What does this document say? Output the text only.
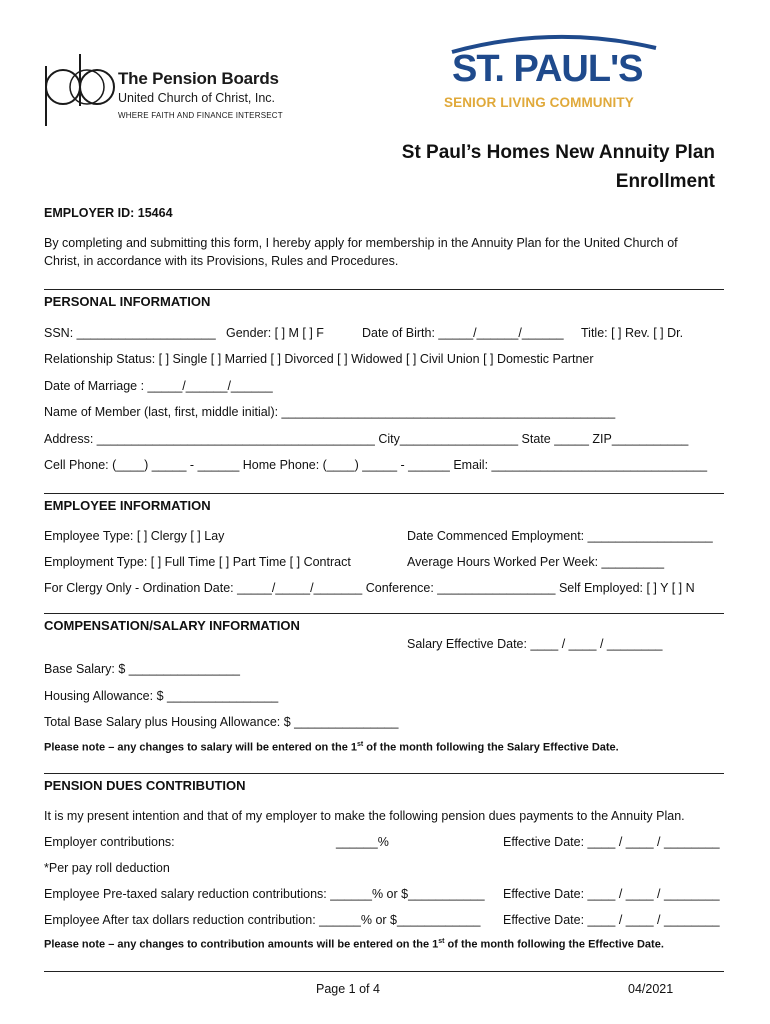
The Pension Boards
United Church of Christ, Inc.
WHERE FAITH AND FINANCE INTERSECT
ST. PAUL'S
SENIOR LIVING COMMUNITY
St Paul’s Homes New Annuity Plan
Enrollment
EMPLOYER ID: 15464
By completing and submitting this form, I hereby apply for membership in the Annuity Plan for the United Church of
Christ, in accordance with its Provisions, Rules and Procedures.
PERSONAL INFORMATION
SSN: ____________________ Gender: [ ] M [ ] F	Date of Birth: _____/______/______ Title: [ ] Rev. [ ] Dr.
Relationship Status: [ ] Single [ ] Married [ ] Divorced [ ] Widowed [ ] Civil Union [ ] Domestic Partner
Date of Marriage : _____/______/______
Name of Member (last, first, middle initial): ________________________________________________
Address: ________________________________________ City_________________ State _____ ZIP___________
Cell Phone: (____) _____ - ______ Home Phone: (____) _____ - ______ Email: _______________________________
EMPLOYEE INFORMATION
Employee Type: [ ] Clergy [ ] Lay	Date Commenced Employment: __________________
Employment Type: [ ] Full Time [ ] Part Time [ ] Contract	Average Hours Worked Per Week: _________
For Clergy Only - Ordination Date: _____/_____/_______ Conference: _________________ Self Employed: [ ] Y [ ] N
COMPENSATION/SALARY INFORMATION
Salary Effective Date: ____ / ____ / ________
Base Salary: $ ________________
Housing Allowance: $ ________________
Total Base Salary plus Housing Allowance: $ _______________
Please note – any changes to salary will be entered on the 1st of the month following the Salary Effective Date.
PENSION DUES CONTRIBUTION
It is my present intention and that of my employer to make the following pension dues payments to the Annuity Plan.
Employer contributions:	______%	Effective Date: ____ / ____ / ________
*Per pay roll deduction
Employee Pre-taxed salary reduction contributions: ______% or $___________ Effective Date: ____ / ____ / ________
Employee After tax dollars reduction contribution: ______% or $____________ Effective Date: ____ / ____ / ________
Please note – any changes to contribution amounts will be entered on the 1st of the month following the Effective Date.
Page 1 of 4	04/2021
